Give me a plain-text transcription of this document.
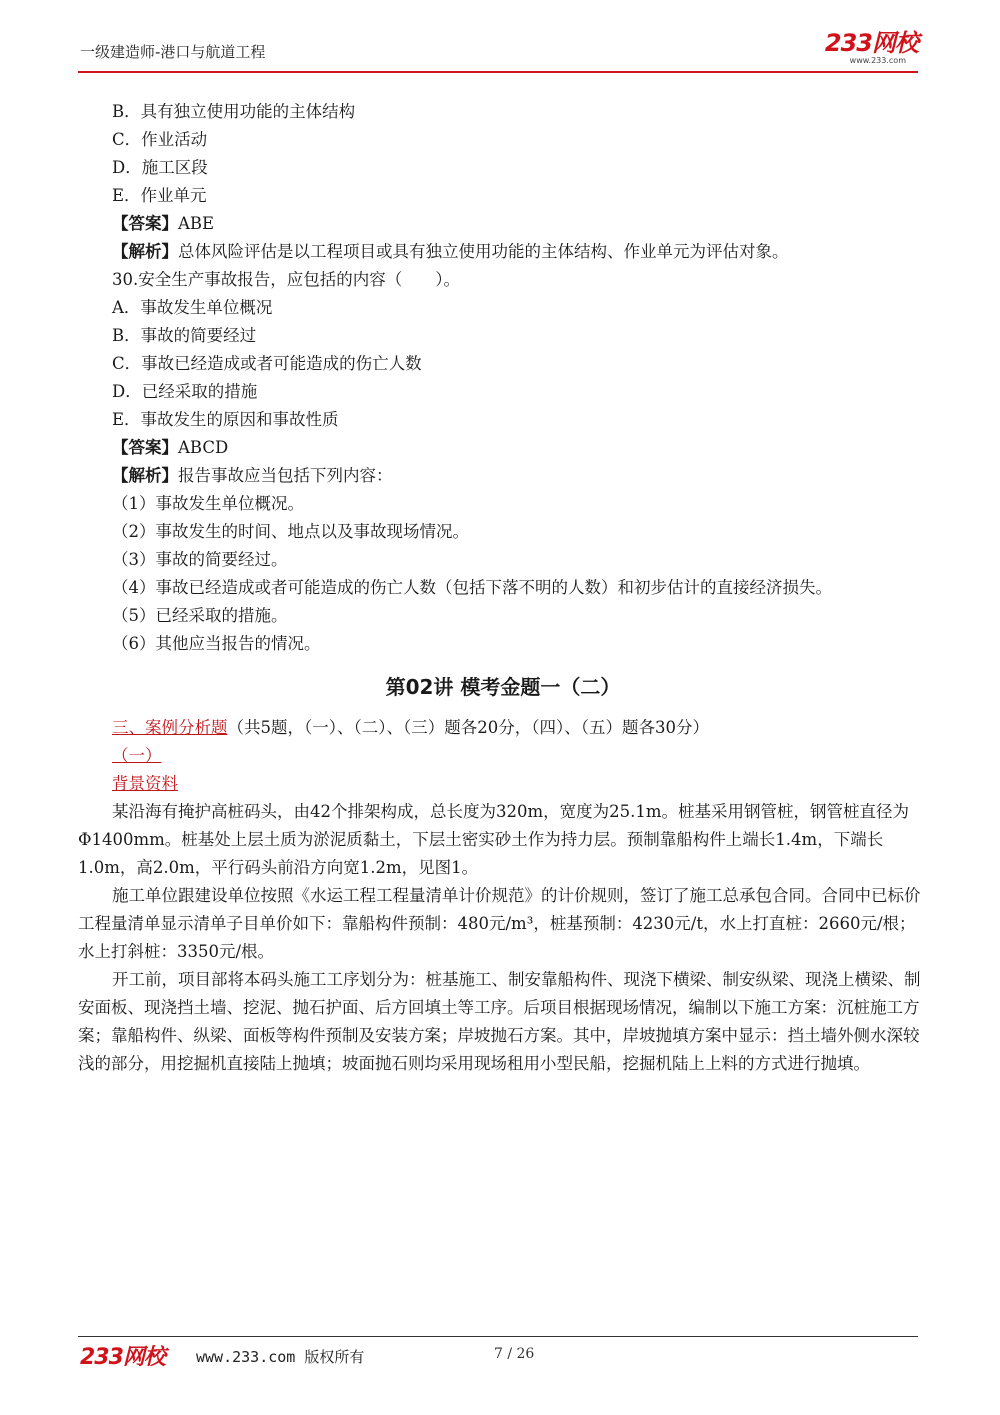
一级建造师-港口与航道工程	233网校
www.233.com
B．具有独立使用功能的主体结构
C．作业活动
D．施工区段
E．作业单元
【答案】ABE
【解析】总体风险评估是以工程项目或具有独立使用功能的主体结构、作业单元为评估对象。
30.安全生产事故报告，应包括的内容（　　）。
A．事故发生单位概况
B．事故的简要经过
C．事故已经造成或者可能造成的伤亡人数
D．已经采取的措施
E．事故发生的原因和事故性质
【答案】ABCD
【解析】报告事故应当包括下列内容：
（1）事故发生单位概况。
（2）事故发生的时间、地点以及事故现场情况。
（3）事故的简要经过。
（4）事故已经造成或者可能造成的伤亡人数（包括下落不明的人数）和初步估计的直接经济损失。
（5）已经采取的措施。
（6）其他应当报告的情况。
第02讲 模考金题一（二）
三、案例分析题（共5题，（一）、（二）、（三）题各20分，（四）、（五）题各30分）
（一）
背景资料
某沿海有掩护高桩码头，由42个排架构成，总长度为320m，宽度为25.1m。桩基采用钢管桩，钢管桩直径为Φ1400mm。桩基处上层土质为淤泥质黏土，下层土密实砂土作为持力层。预制靠船构件上端长1.4m，下端长1.0m，高2.0m，平行码头前沿方向宽1.2m，见图1。
施工单位跟建设单位按照《水运工程工程量清单计价规范》的计价规则，签订了施工总承包合同。合同中已标价工程量清单显示清单子目单价如下：靠船构件预制：480元/m³，桩基预制：4230元/t，水上打直桩：2660元/根；水上打斜桩：3350元/根。
开工前，项目部将本码头施工工序划分为：桩基施工、制安靠船构件、现浇下横梁、制安纵梁、现浇上横梁、制安面板、现浇挡土墙、挖泥、抛石护面、后方回填土等工序。后项目根据现场情况，编制以下施工方案：沉桩施工方案；靠船构件、纵梁、面板等构件预制及安装方案；岸坡抛石方案。其中，岸坡抛填方案中显示：挡土墙外侧水深较浅的部分，用挖掘机直接陆上抛填；坡面抛石则均采用现场租用小型民船，挖掘机陆上上料的方式进行抛填。
233网校 www.233.com 版权所有	7 / 26
